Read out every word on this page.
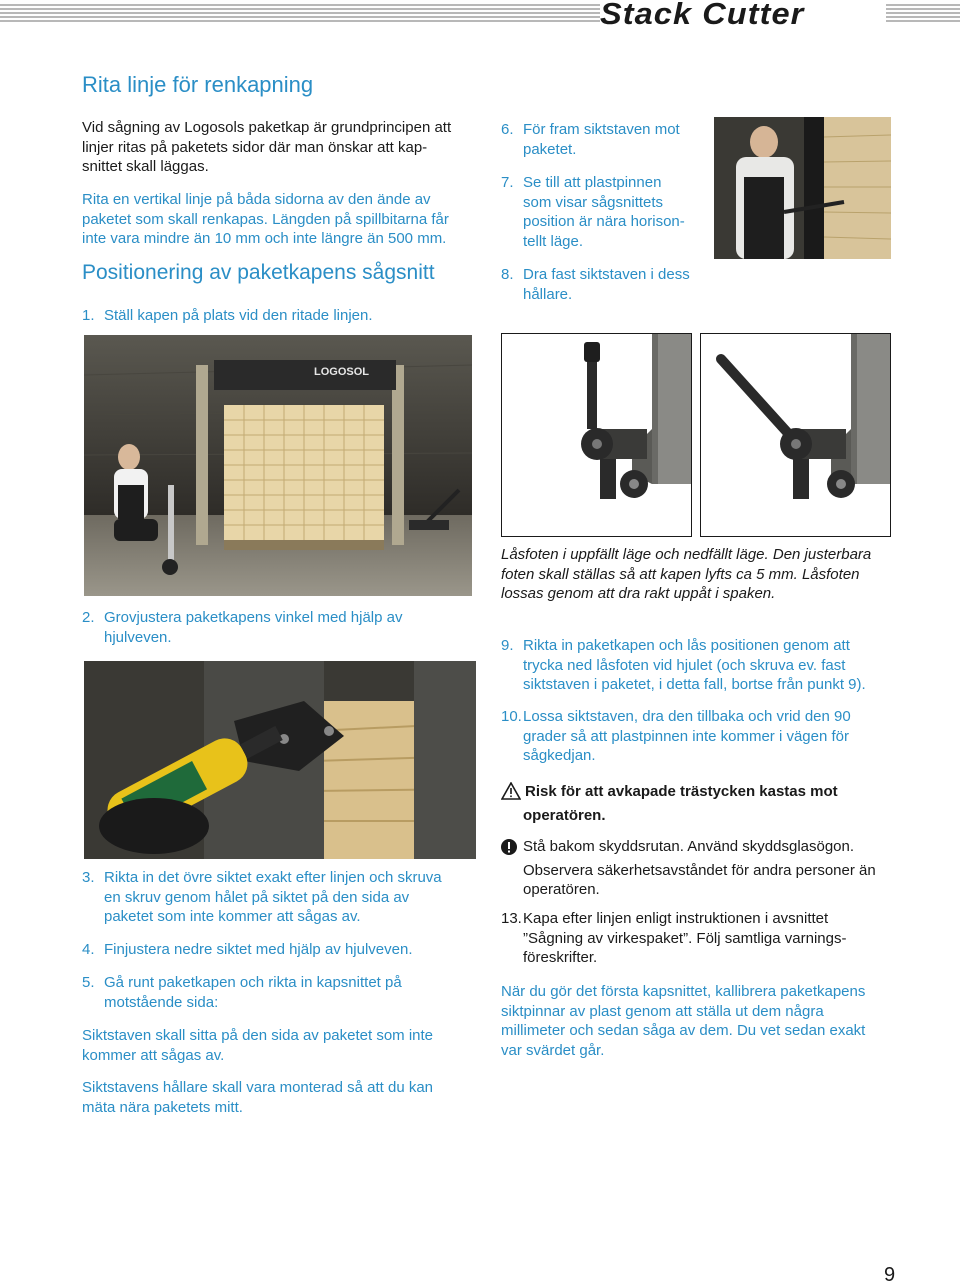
Stack Cutter
Rita linje för renkapning
Vid sågning av Logosols paketkap är grundprincipen att
linjer ritas på paketets sidor där man önskar att kap-
snittet skall läggas.
Rita en vertikal linje på båda sidorna av den ände av
paketet som skall renkapas. Längden på spillbitarna får
inte vara mindre än 10 mm och inte längre än 500 mm.
Positionering av paketkapens sågsnitt
1. Ställ kapen på plats vid den ritade linjen.
LOGOSOL
2. Grovjustera paketkapens vinkel med hjälp av
hjulveven.
3. Rikta in det övre siktet exakt efter linjen och skruva
en skruv genom hålet på siktet på den sida av
paketet som inte kommer att sågas av.
4. Finjustera nedre siktet med hjälp av hjulveven.
5. Gå runt paketkapen och rikta in kapsnittet på
motstående sida:
Siktstaven skall sitta på den sida av paketet som inte
kommer att sågas av.
Siktstavens hållare skall vara monterad så att du kan
mäta nära paketets mitt.
6. För fram siktstaven mot
paketet.
7. Se till att plastpinnen
som visar sågsnittets
position är nära horison-
tellt läge.
8. Dra fast siktstaven i dess
hållare.
Låsfoten i uppfällt läge och nedfällt läge. Den justerbara
foten skall ställas så att kapen lyfts ca 5 mm. Låsfoten
lossas genom att dra rakt uppåt i spaken.
9. Rikta in paketkapen och lås positionen genom att
trycka ned låsfoten vid hjulet (och skruva ev. fast
siktstaven i paketet, i detta fall, bortse från punkt 9).
10. Lossa siktstaven, dra den tillbaka och vrid den 90
grader så att plastpinnen inte kommer i vägen för
sågkedjan.
Risk för att avkapade trästycken kastas mot
operatören.
Stå bakom skyddsrutan. Använd skyddsglasögon.
Observera säkerhetsavståndet för andra personer än
operatören.
13. Kapa efter linjen enligt instruktionen i avsnittet
”Sågning av virkespaket”. Följ samtliga varnings-
föreskrifter.
När du gör det första kapsnittet, kallibrera paketkapens
siktpinnar av plast genom att ställa ut dem några
millimeter och sedan såga av dem. Du vet sedan exakt
var svärdet går.
9
